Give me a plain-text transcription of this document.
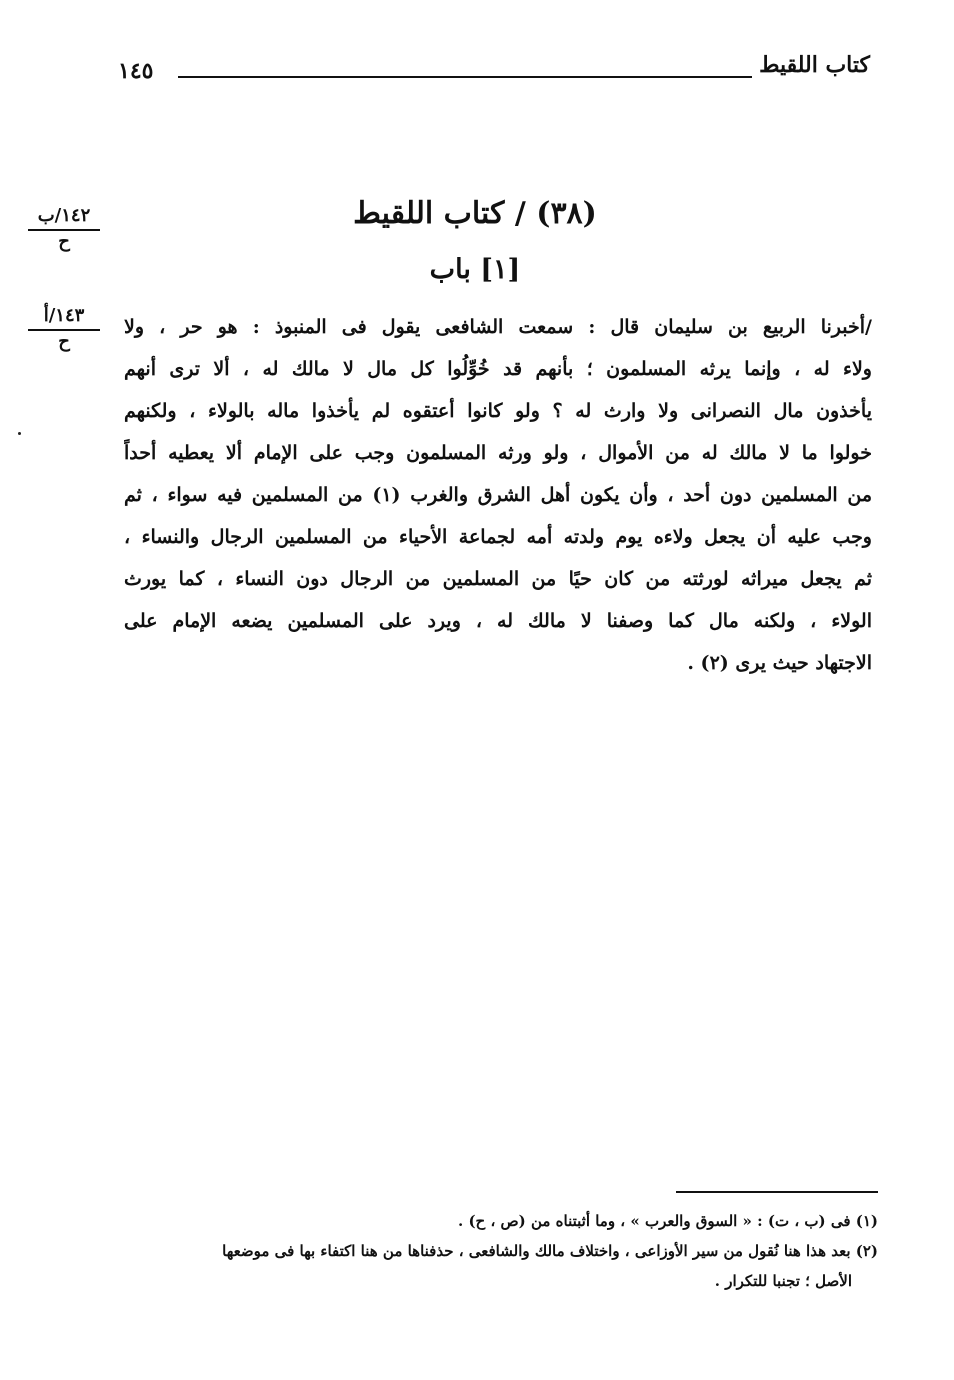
كتاب اللقيط
١٤٥
١٤٢/ب
ح
١٤٣/أ
ح
(٣٨) / كتاب اللقيط
[١] باب
/أخبرنا الربيع بن سليمان قال : سمعت الشافعى يقول فى المنبوذ : هو حر ، ولا
ولاء له ، وإنما يرثه المسلمون ؛ بأنهم قد خُوِّلُوا كل مال لا مالك له ، ألا ترى أنهم
يأخذون مال النصرانى ولا وارث له ؟ ولو كانوا أعتقوه لم يأخذوا ماله بالولاء ، ولكنهم
خولوا ما لا مالك له من الأموال ، ولو ورثه المسلمون وجب على الإمام ألا يعطيه أحداً
من المسلمين دون أحد ، وأن يكون أهل الشرق والغرب (١) من المسلمين فيه سواء ، ثم
وجب عليه أن يجعل ولاءه يوم ولدته أمه لجماعة الأحياء من المسلمين الرجال والنساء ،
ثم يجعل ميراثه لورثته من كان حيًا من المسلمين من الرجال دون النساء ، كما يورث
الولاء ، ولكنه مال كما وصفنا لا مالك له ، ويرد على المسلمين يضعه الإمام على
الاجتهاد حيث يرى (٢) .
(١) فى (ب ، ت) : « السوق والعرب » ، وما أثبتناه من (ص ، ح) .
(٢) بعد هذا هنا نُقول من سير الأوزاعى ، واختلاف مالك والشافعى ، حذفناها من هنا اكتفاء بها فى موضعها
الأصل ؛ تجنبا للتكرار .
